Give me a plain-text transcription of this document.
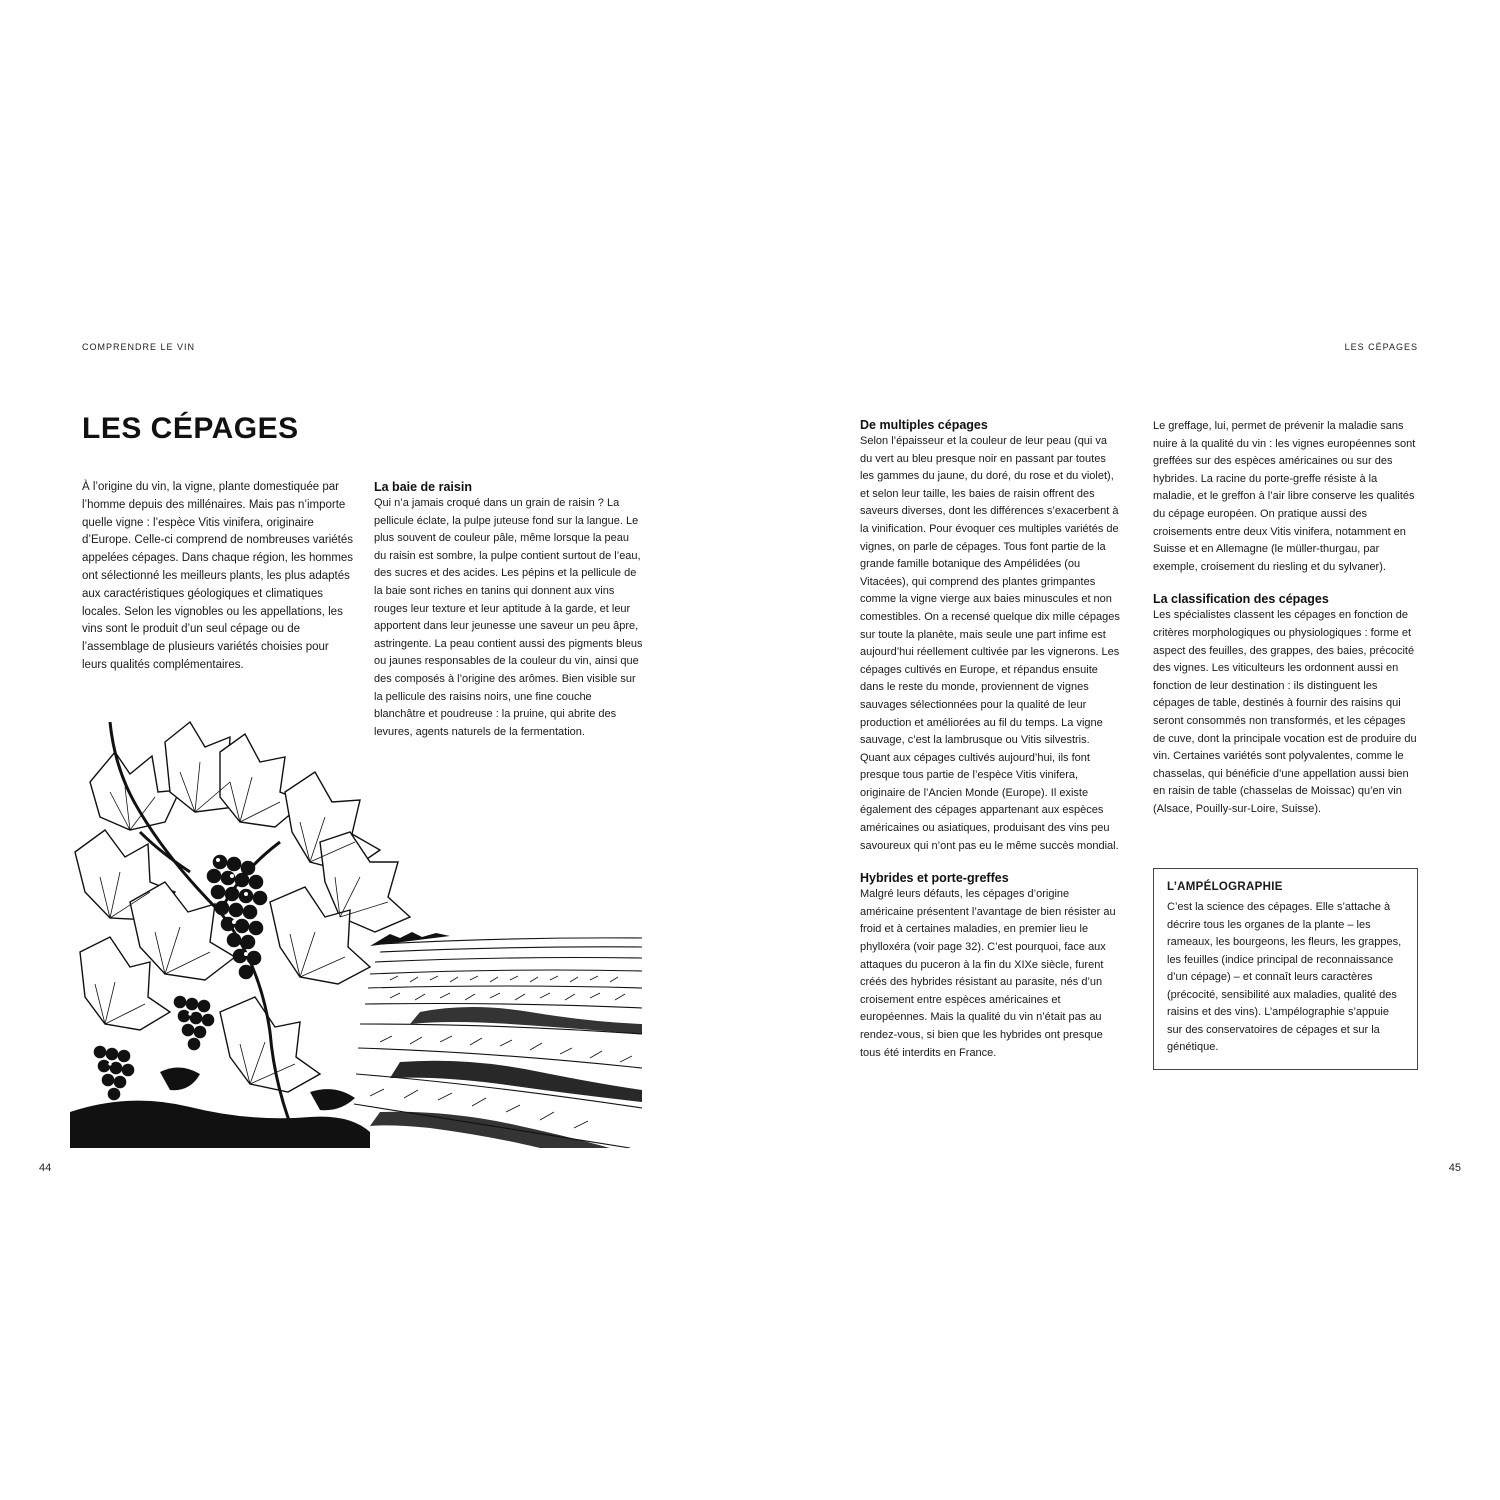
COMPRENDRE LE VIN	LES CÉPAGES
LES CÉPAGES

À l’origine du vin, la vigne, plante domestiquée par l’homme depuis des millénaires. Mais pas n’importe quelle vigne : l’espèce Vitis vinifera, originaire d’Europe. Celle-ci comprend de nombreuses variétés appelées cépages. Dans chaque région, les hommes ont sélectionné les meilleurs plants, les plus adaptés aux caractéristiques géologiques et climatiques locales. Selon les vignobles ou les appellations, les vins sont le produit d’un seul cépage ou de l’assemblage de plusieurs variétés choisies pour leurs qualités complémentaires.

La baie de raisin

Qui n’a jamais croqué dans un grain de raisin ? La pellicule éclate, la pulpe juteuse fond sur la langue. Le plus souvent de couleur pâle, même lorsque la peau du raisin est sombre, la pulpe contient surtout de l’eau, des sucres et des acides. Les pépins et la pellicule de la baie sont riches en tanins qui donnent aux vins rouges leur texture et leur aptitude à la garde, et leur apportent dans leur jeunesse une saveur un peu âpre, astringente. La peau contient aussi des pigments bleus ou jaunes responsables de la couleur du vin, ainsi que des composés à l’origine des arômes. Bien visible sur la pellicule des raisins noirs, une fine couche blanchâtre et poudreuse : la pruine, qui abrite des levures, agents naturels de la fermentation.

44
De multiples cépages

Selon l’épaisseur et la couleur de leur peau (qui va du vert au bleu presque noir en passant par toutes les gammes du jaune, du doré, du rose et du violet), et selon leur taille, les baies de raisin offrent des saveurs diverses, dont les différences s’exacerbent à la vinification. Pour évoquer ces multiples variétés de vignes, on parle de cépages. Tous font partie de la grande famille botanique des Ampélidées (ou Vitacées), qui comprend des plantes grimpantes comme la vigne vierge aux baies minuscules et non comestibles. On a recensé quelque dix mille cépages sur toute la planète, mais seule une part infime est aujourd’hui réellement cultivée par les vignerons. Les cépages cultivés en Europe, et répandus ensuite dans le reste du monde, proviennent de vignes sauvages sélectionnées pour la qualité de leur production et améliorées au fil du temps. La vigne sauvage, c’est la lambrusque ou Vitis silvestris. Quant aux cépages cultivés aujourd’hui, ils font presque tous partie de l’espèce Vitis vinifera, originaire de l’Ancien Monde (Europe). Il existe également des cépages appartenant aux espèces américaines ou asiatiques, produisant des vins peu savoureux qui n’ont pas eu le même succès mondial.

Hybrides et porte-greffes

Malgré leurs défauts, les cépages d’origine américaine présentent l’avantage de bien résister au froid et à certaines maladies, en premier lieu le phylloxéra (voir page 32). C’est pourquoi, face aux attaques du puceron à la fin du XIXe siècle, furent créés des hybrides résistant au parasite, nés d’un croisement entre espèces américaines et européennes. Mais la qualité du vin n’était pas au rendez-vous, si bien que les hybrides ont presque tous été interdits en France.

Le greffage, lui, permet de prévenir la maladie sans nuire à la qualité du vin : les vignes européennes sont greffées sur des espèces américaines ou sur des hybrides. La racine du porte-greffe résiste à la maladie, et le greffon à l’air libre conserve les qualités du cépage européen. On pratique aussi des croisements entre deux Vitis vinifera, notamment en Suisse et en Allemagne (le müller-thurgau, par exemple, croisement du riesling et du sylvaner).

La classification des cépages

Les spécialistes classent les cépages en fonction de critères morphologiques ou physiologiques : forme et aspect des feuilles, des grappes, des baies, précocité des vignes. Les viticulteurs les ordonnent aussi en fonction de leur destination : ils distinguent les cépages de table, destinés à fournir des raisins qui seront consommés non transformés, et les cépages de cuve, dont la principale vocation est de produire du vin. Certaines variétés sont polyvalentes, comme le chasselas, qui bénéficie d’une appellation aussi bien en raisin de table (chasselas de Moissac) qu’en vin (Alsace, Pouilly-sur-Loire, Suisse).

L’AMPÉLOGRAPHIE

C’est la science des cépages. Elle s’attache à décrire tous les organes de la plante – les rameaux, les bourgeons, les fleurs, les grappes, les feuilles (indice principal de reconnaissance d’un cépage) – et connaît leurs caractères (précocité, sensibilité aux maladies, qualité des raisins et des vins). L’ampélographie s’appuie sur des conservatoires de cépages et sur la génétique.

45
